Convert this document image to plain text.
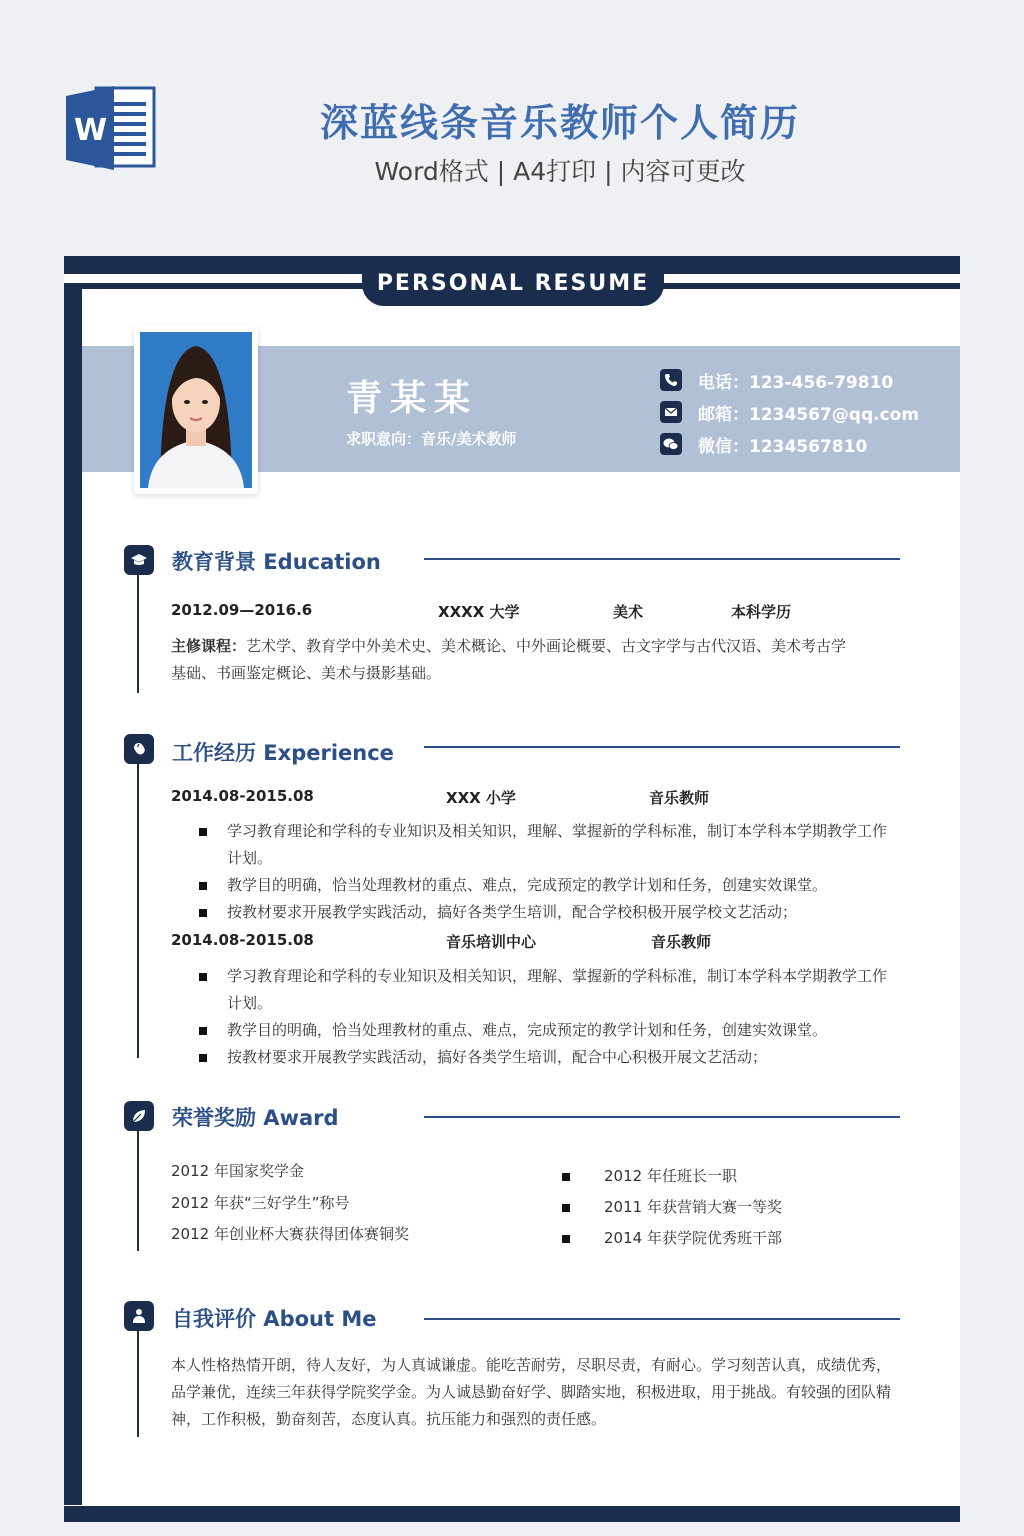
W	深蓝线条音乐教师个人简历
Word格式 | A4打印 | 内容可更改
PERSONAL RESUME
青某某
求职意向：音乐/美术教师
电话：123-456-79810
邮箱：1234567@qq.com
微信：1234567810
教育背景 Education
2012.09—2016.6	XXXX 大学	美术	本科学历
主修课程：艺术学、教育学中外美术史、美术概论、中外画论概要、古文字学与古代汉语、美术考古学
基础、书画鉴定概论、美术与摄影基础。
工作经历 Experience
2014.08-2015.08	XXX 小学	音乐教师
学习教育理论和学科的专业知识及相关知识，理解、掌握新的学科标准，制订本学科本学期教学工作计划。
教学目的明确，恰当处理教材的重点、难点，完成预定的教学计划和任务，创建实效课堂。
按教材要求开展教学实践活动，搞好各类学生培训，配合学校积极开展学校文艺活动；
2014.08-2015.08	音乐培训中心	音乐教师
学习教育理论和学科的专业知识及相关知识，理解、掌握新的学科标准，制订本学科本学期教学工作计划。
教学目的明确，恰当处理教材的重点、难点，完成预定的教学计划和任务，创建实效课堂。
按教材要求开展教学实践活动，搞好各类学生培训，配合中心积极开展文艺活动；
荣誉奖励 Award
2012 年国家奖学金
2012 年获“三好学生”称号
2012 年创业杯大赛获得团体赛铜奖
2012 年任班长一职
2011 年获营销大赛一等奖
2014 年获学院优秀班干部
自我评价 About Me
本人性格热情开朗，待人友好，为人真诚谦虚。能吃苦耐劳，尽职尽责，有耐心。学习刻苦认真，成绩优秀，品学兼优，连续三年获得学院奖学金。为人诚恳勤奋好学、脚踏实地，积极进取，用于挑战。有较强的团队精神，工作积极，勤奋刻苦，态度认真。抗压能力和强烈的责任感。
